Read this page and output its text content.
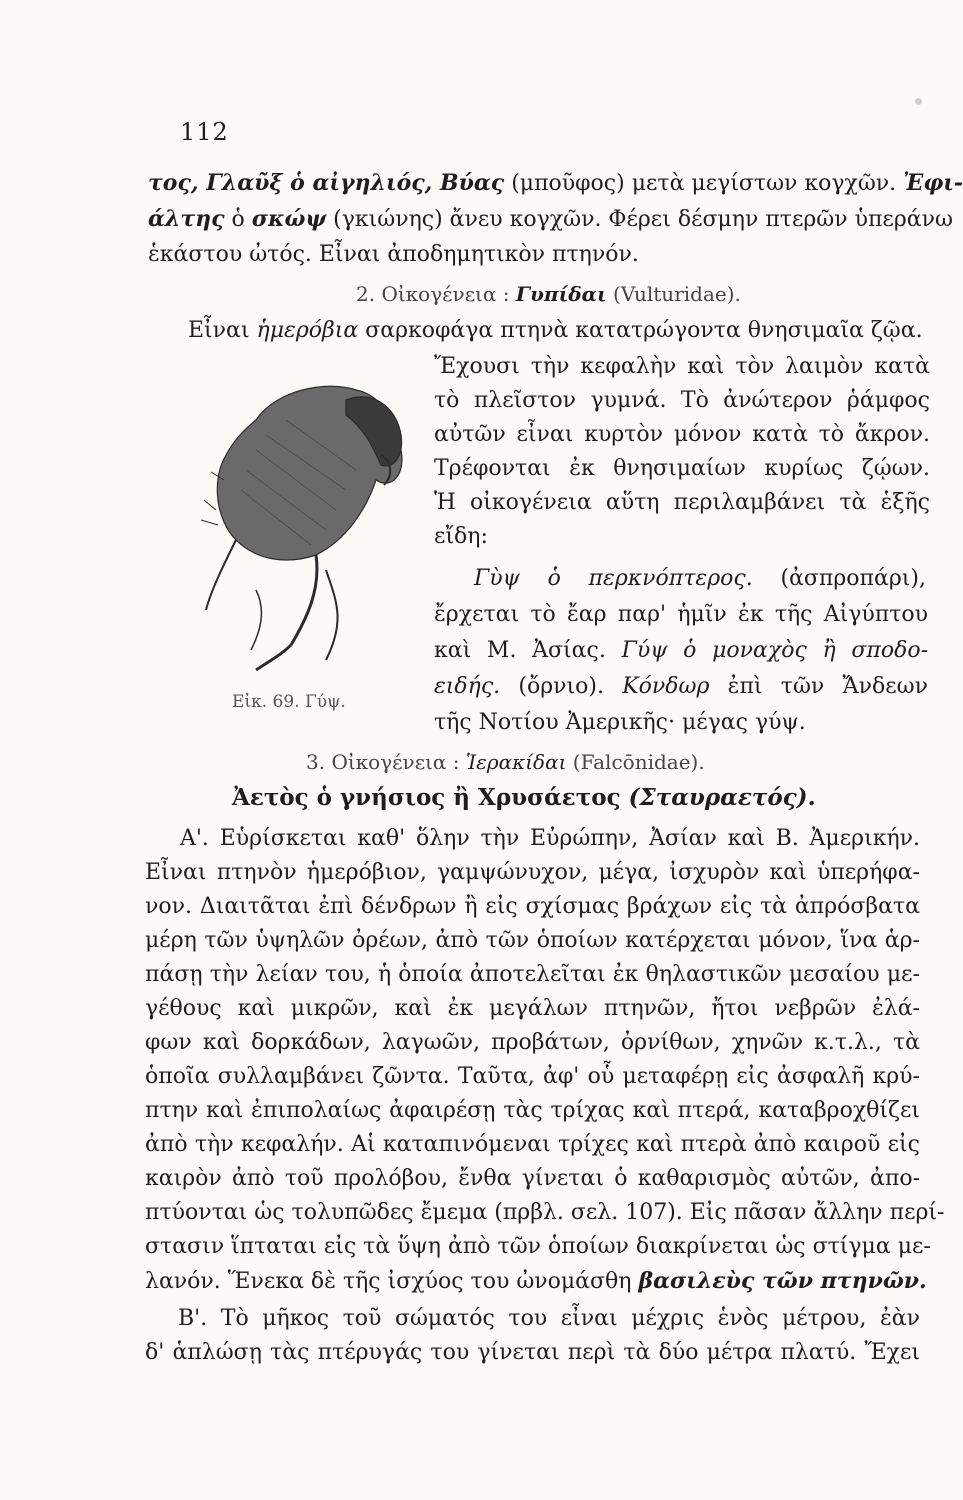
112
τος, Γλαῦξ ὁ αἰγηλιός, Βύας (μποῦφος) μετὰ μεγίστων κογχῶν. Ἐφι-
άλτης ὁ σκώψ (γκιώνης) ἄνευ κογχῶν. Φέρει δέσμην πτερῶν ὑπεράνω
ἑκάστου ὠτός. Εἶναι ἀποδημητικὸν πτηνόν.
2. Οἰκογένεια : Γυπίδαι (Vulturidae).
Εἶναι ἡμερόβια σαρκοφάγα πτηνὰ κατατρώγοντα θνησιμαῖα ζῷα.
Ἔχουσι τὴν κεφαλὴν καὶ τὸν λαιμὸν κατὰ
τὸ πλεῖστον γυμνά. Τὸ ἀνώτερον ῥάμφος
αὐτῶν εἶναι κυρτὸν μόνον κατὰ τὸ ἄκρον.
Τρέφονται ἐκ θνησιμαίων κυρίως ζῴων.
Ἡ οἰκογένεια αὕτη περιλαμβάνει τὰ ἑξῆς
εἴδη:
Γὺψ ὁ περκνόπτερος. (ἀσπροπάρι),
ἔρχεται τὸ ἔαρ παρ' ἡμῖν ἐκ τῆς Αἰγύπτου
καὶ Μ. Ἀσίας. Γύψ ὁ μοναχὸς ἢ σποδο-
ειδής. (ὄρνιο). Κόνδωρ ἐπὶ τῶν Ἄνδεων
τῆς Νοτίου Ἀμερικῆς· μέγας γύψ.
Εἰκ. 69. Γύψ.
3. Οἰκογένεια : Ἱερακίδαι (Falcōnidae).
Ἀετὸς ὁ γνήσιος ἢ Χρυσάετος (Σταυραετός).
Α'. Εὑρίσκεται καθ' ὅλην τὴν Εὐρώπην, Ἀσίαν καὶ Β. Ἀμερικήν.
Εἶναι πτηνὸν ἡμερόβιον, γαμψώνυχον, μέγα, ἰσχυρὸν καὶ ὑπερήφα-
νον. Διαιτᾶται ἐπὶ δένδρων ἢ εἰς σχίσμας βράχων εἰς τὰ ἀπρόσβατα
μέρη τῶν ὑψηλῶν ὀρέων, ἀπὸ τῶν ὁποίων κατέρχεται μόνον, ἵνα ἁρ-
πάσῃ τὴν λείαν του, ἡ ὁποία ἀποτελεῖται ἐκ θηλαστικῶν μεσαίου με-
γέθους καὶ μικρῶν, καὶ ἐκ μεγάλων πτηνῶν, ἤτοι νεβρῶν ἐλά-
φων καὶ δορκάδων, λαγωῶν, προβάτων, ὀρνίθων, χηνῶν κ.τ.λ., τὰ
ὁποῖα συλλαμβάνει ζῶντα. Ταῦτα, ἀφ' οὗ μεταφέρῃ εἰς ἀσφαλῆ κρύ-
πτην καὶ ἐπιπολαίως ἀφαιρέσῃ τὰς τρίχας καὶ πτερά, καταβροχθίζει
ἀπὸ τὴν κεφαλήν. Αἱ καταπινόμεναι τρίχες καὶ πτερὰ ἀπὸ καιροῦ εἰς
καιρὸν ἀπὸ τοῦ προλόβου, ἔνθα γίνεται ὁ καθαρισμὸς αὐτῶν, ἀπο-
πτύονται ὡς τολυπῶδες ἔμεμα (πρβλ. σελ. 107). Εἰς πᾶσαν ἄλλην περί-
στασιν ἵπταται εἰς τὰ ὕψη ἀπὸ τῶν ὁποίων διακρίνεται ὡς στίγμα με-
λανόν. Ἕνεκα δὲ τῆς ἰσχύος του ὠνομάσθη βασιλεὺς τῶν πτηνῶν.
Β'. Τὸ μῆκος τοῦ σώματός του εἶναι μέχρις ἑνὸς μέτρου, ἐὰν
δ' ἁπλώσῃ τὰς πτέρυγάς του γίνεται περὶ τὰ δύο μέτρα πλατύ. Ἔχει
